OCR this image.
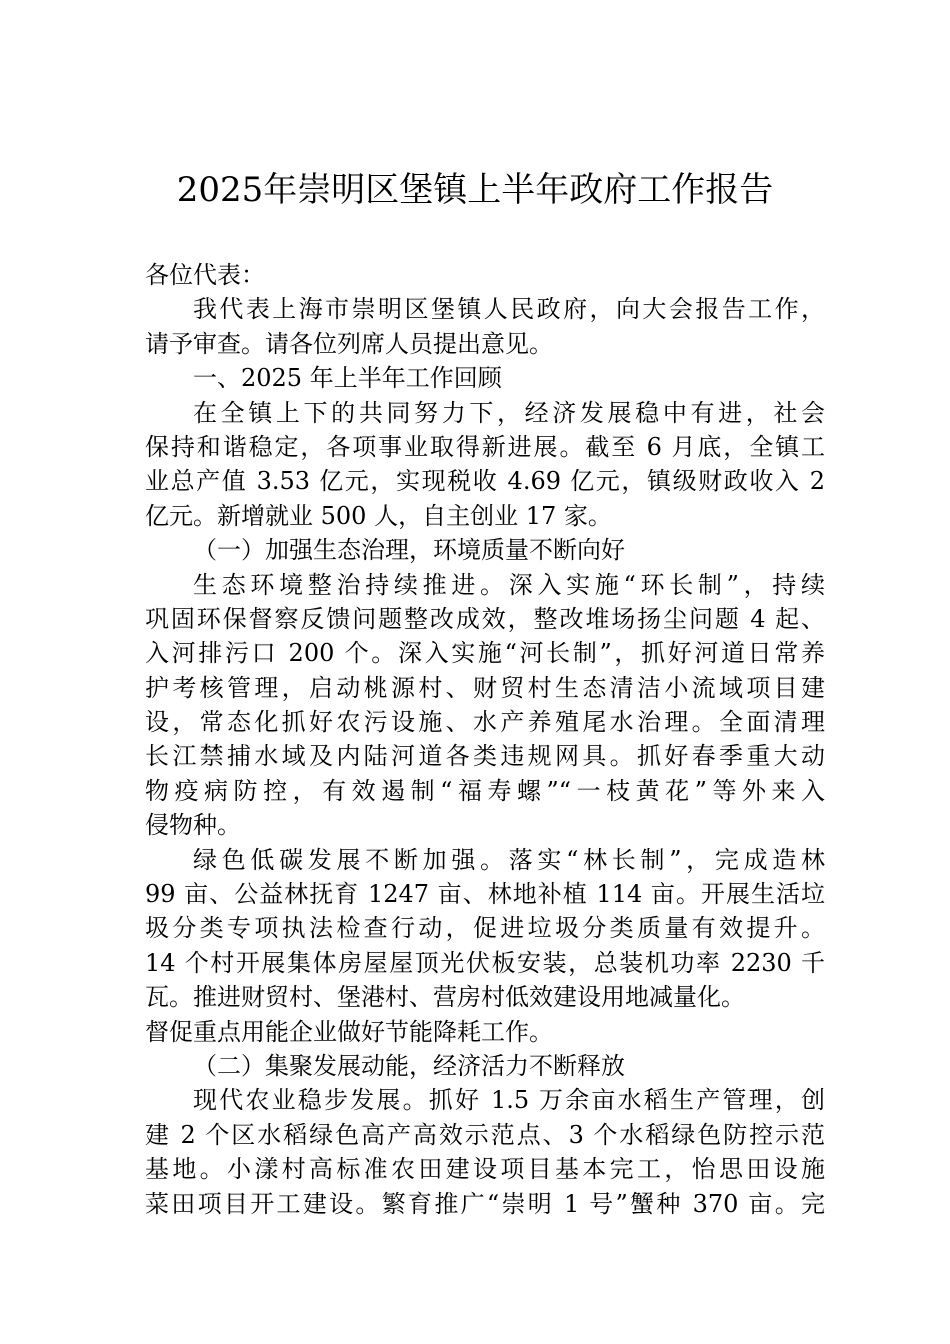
2025年崇明区堡镇上半年政府工作报告
各位代表：
我代表上海市崇明区堡镇人民政府，向大会报告工作，
请予审查。请各位列席人员提出意见。
一、2025 年上半年工作回顾
在全镇上下的共同努力下，经济发展稳中有进，社会
保持和谐稳定，各项事业取得新进展。截至 6 月底，全镇工
业总产值 3.53 亿元，实现税收 4.69 亿元，镇级财政收入 2
亿元。新增就业 500 人，自主创业 17 家。
（一）加强生态治理，环境质量不断向好
生态环境整治持续推进。深入实施“环长制”，持续
巩固环保督察反馈问题整改成效，整改堆场扬尘问题 4 起、
入河排污口 200 个。深入实施“河长制”，抓好河道日常养
护考核管理，启动桃源村、财贸村生态清洁小流域项目建
设，常态化抓好农污设施、水产养殖尾水治理。全面清理
长江禁捕水域及内陆河道各类违规网具。抓好春季重大动
物疫病防控，有效遏制“福寿螺”“一枝黄花”等外来入
侵物种。
绿色低碳发展不断加强。落实“林长制”，完成造林
99 亩、公益林抚育 1247 亩、林地补植 114 亩。开展生活垃
圾分类专项执法检查行动，促进垃圾分类质量有效提升。
14 个村开展集体房屋屋顶光伏板安装，总装机功率 2230 千
瓦。推进财贸村、堡港村、营房村低效建设用地减量化。
督促重点用能企业做好节能降耗工作。
（二）集聚发展动能，经济活力不断释放
现代农业稳步发展。抓好 1.5 万余亩水稻生产管理，创
建 2 个区水稻绿色高产高效示范点、3 个水稻绿色防控示范
基地。小漾村高标准农田建设项目基本完工，怡思田设施
菜田项目开工建设。繁育推广“崇明 1 号”蟹种 370 亩。完
